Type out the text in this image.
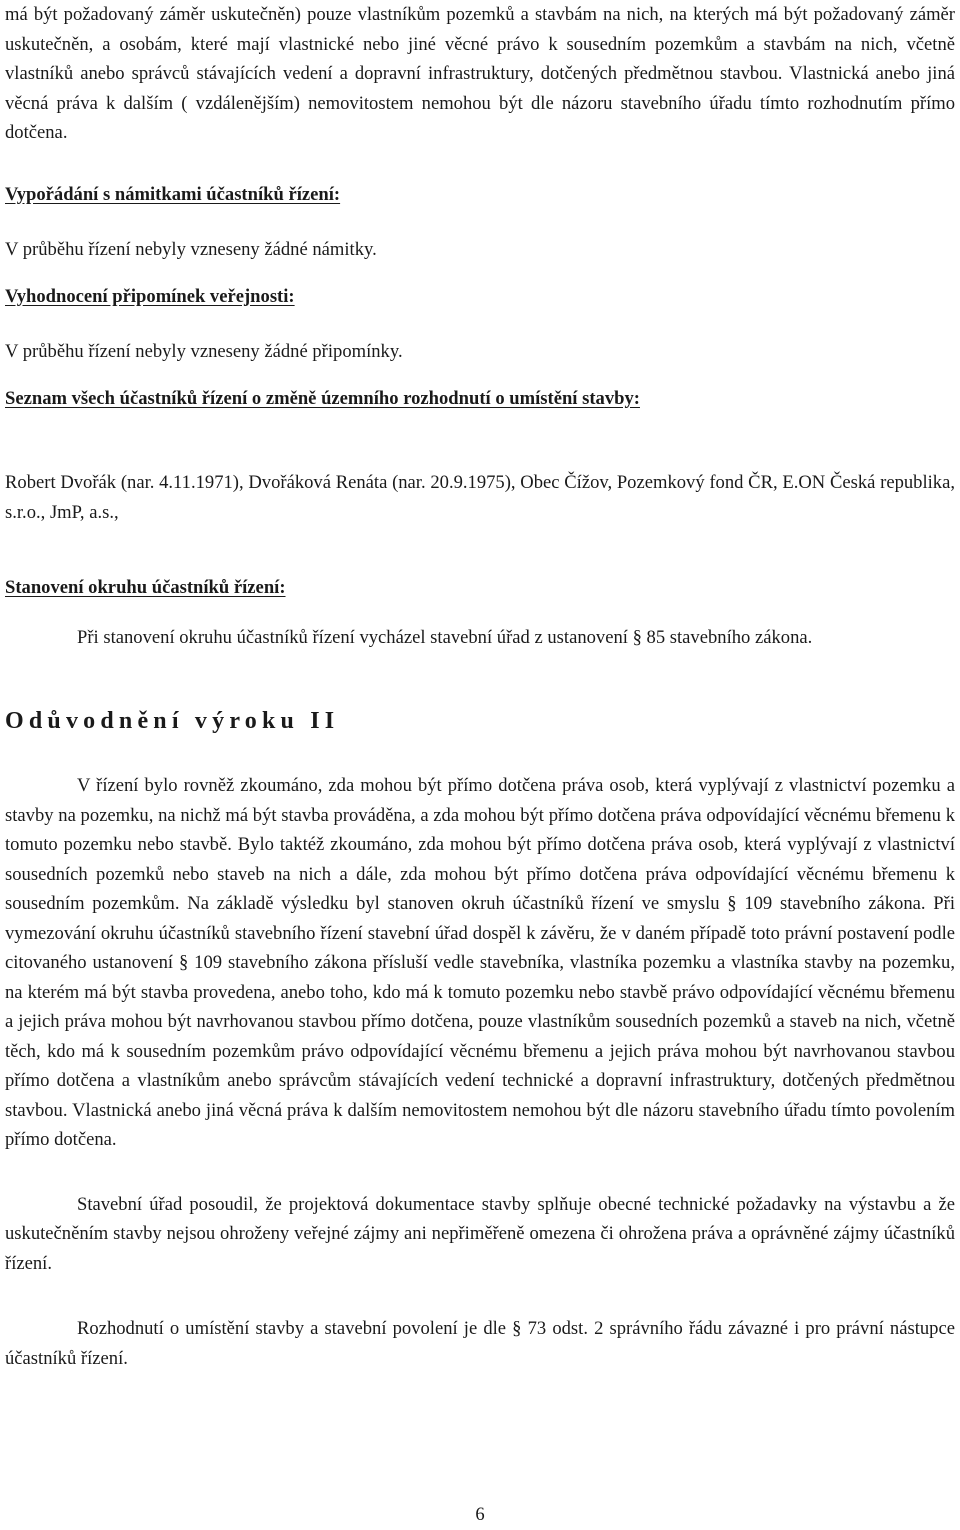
má být požadovaný záměr uskutečněn) pouze vlastníkům pozemků a stavbám na nich, na kterých má být požadovaný záměr uskutečněn, a osobám, které mají vlastnické nebo jiné věcné právo k sousedním pozemkům a stavbám na nich, včetně vlastníků anebo správců stávajících vedení a dopravní infrastruktury, dotčených předmětnou stavbou. Vlastnická anebo jiná věcná práva k dalším ( vzdálenějším) nemovitostem nemohou být dle názoru stavebního úřadu tímto rozhodnutím přímo dotčena.

Vypořádání s námitkami účastníků řízení:

V průběhu řízení nebyly vzneseny žádné námitky.

Vyhodnocení připomínek veřejnosti:

V průběhu řízení nebyly vzneseny žádné připomínky.

Seznam všech účastníků řízení o změně územního rozhodnutí o umístění stavby:

Robert Dvořák (nar. 4.11.1971), Dvořáková Renáta (nar. 20.9.1975), Obec Čížov, Pozemkový fond ČR, E.ON Česká republika, s.r.o., JmP, a.s.,

Stanovení okruhu účastníků řízení:

Při stanovení okruhu účastníků řízení vycházel stavební úřad z ustanovení § 85 stavebního zákona.

Odůvodnění výroku II

V řízení bylo rovněž zkoumáno, zda mohou být přímo dotčena práva osob, která vyplývají z vlastnictví pozemku a stavby na pozemku, na nichž má být stavba prováděna, a zda mohou být přímo dotčena práva odpovídající věcnému břemenu k tomuto pozemku nebo stavbě. Bylo taktéž zkoumáno, zda mohou být přímo dotčena práva osob, která vyplývají z vlastnictví sousedních pozemků nebo staveb na nich a dále, zda mohou být přímo dotčena práva odpovídající věcnému břemenu k sousedním pozemkům. Na základě výsledku byl stanoven okruh účastníků řízení ve smyslu § 109 stavebního zákona. Při vymezování okruhu účastníků stavebního řízení stavební úřad dospěl k závěru, že v daném případě toto právní postavení podle citovaného ustanovení § 109 stavebního zákona přísluší vedle stavebníka, vlastníka pozemku a vlastníka stavby na pozemku, na kterém má být stavba provedena, anebo toho, kdo má k tomuto pozemku nebo stavbě právo odpovídající věcnému břemenu a jejich práva mohou být navrhovanou stavbou přímo dotčena, pouze vlastníkům sousedních pozemků a staveb na nich, včetně těch, kdo má k sousedním pozemkům právo odpovídající věcnému břemenu a jejich práva mohou být navrhovanou stavbou přímo dotčena a vlastníkům anebo správcům stávajících vedení technické a dopravní infrastruktury, dotčených předmětnou stavbou. Vlastnická anebo jiná věcná práva k dalším nemovitostem nemohou být dle názoru stavebního úřadu tímto povolením přímo dotčena.

Stavební úřad posoudil, že projektová dokumentace stavby splňuje obecné technické požadavky na výstavbu a že uskutečněním stavby nejsou ohroženy veřejné zájmy ani nepřiměřeně omezena či ohrožena práva a oprávněné zájmy účastníků řízení.

Rozhodnutí o umístění stavby a stavební povolení je dle § 73 odst. 2 správního řádu závazné i pro právní nástupce účastníků řízení.

6
